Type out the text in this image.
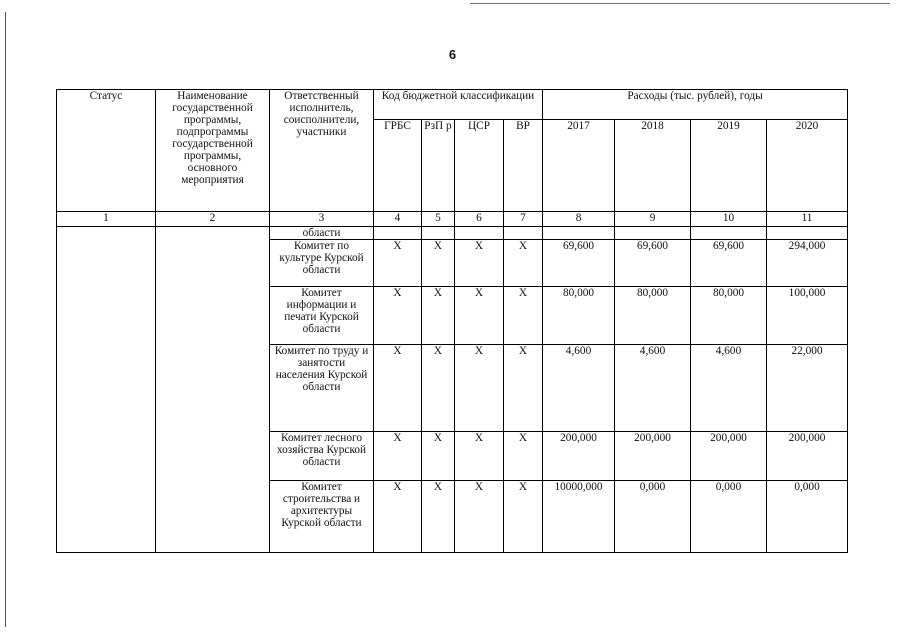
6
Статус	Наименование государственной программы, подпрограммы государственной программы, основного мероприятия	Ответственный исполнитель, соисполнители, участники	Код бюджетной классификации				Расходы (тыс. рублей), годы			
			ГРБС	РзП р	ЦСР	ВР	2017	2018	2019	2020
1	2	3	4	5	6	7	8	9	10	11
		области								
		Комитет по культуре Курской области	Х	Х	Х	Х	69,600	69,600	69,600	294,000
		Комитет информации и печати Курской области	Х	Х	Х	Х	80,000	80,000	80,000	100,000
		Комитет по труду и занятости населения Курской области	Х	Х	Х	Х	4,600	4,600	4,600	22,000
		Комитет лесного хозяйства Курской области	Х	Х	Х	Х	200,000	200,000	200,000	200,000
		Комитет строительства и архитектуры Курской области	Х	Х	Х	Х	10000,000	0,000	0,000	0,000
